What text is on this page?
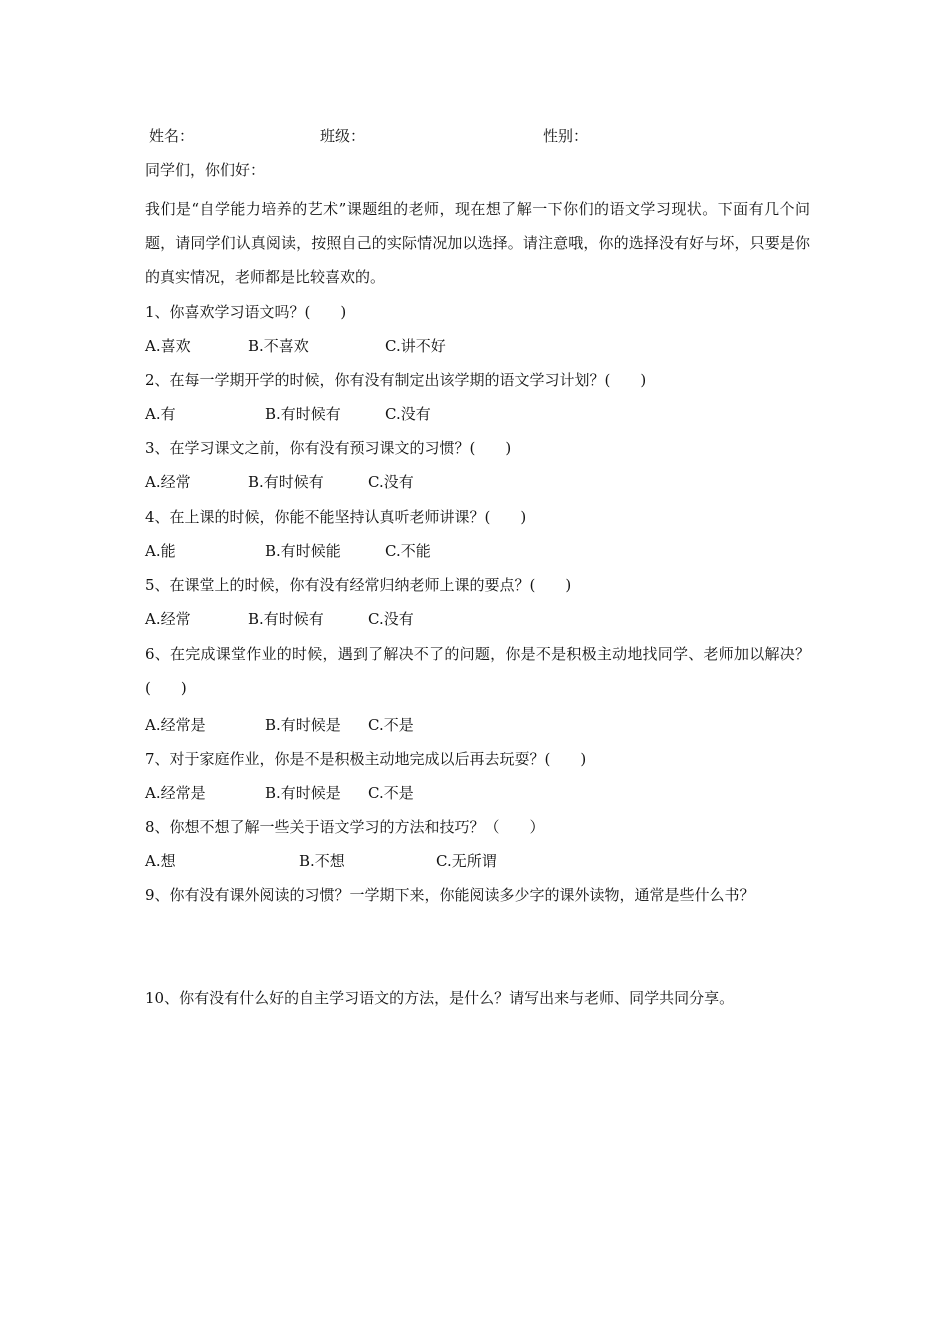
姓名：	班级：	性别：
同学们，你们好：
我们是“自学能力培养的艺术”课题组的老师，现在想了解一下你们的语文学习现状。下面有几个问题，请同学们认真阅读，按照自己的实际情况加以选择。请注意哦，你的选择没有好与坏，只要是你的真实情况，老师都是比较喜欢的。
1、你喜欢学习语文吗？(　　)
A.喜欢	B.不喜欢	C.讲不好
2、在每一学期开学的时候，你有没有制定出该学期的语文学习计划？(　　)
A.有	B.有时候有	C.没有
3、在学习课文之前，你有没有预习课文的习惯？(　　)
A.经常	B.有时候有	C.没有
4、在上课的时候，你能不能坚持认真听老师讲课？(　　)
A.能	B.有时候能	C.不能
5、在课堂上的时候，你有没有经常归纳老师上课的要点？(　　)
A.经常	B.有时候有	C.没有
6、在完成课堂作业的时候，遇到了解决不了的问题，你是不是积极主动地找同学、老师加以解决？(　　)
A.经常是	B.有时候是 C.不是
7、对于家庭作业，你是不是积极主动地完成以后再去玩耍？(　　)
A.经常是	B.有时候是 C.不是
8、你想不想了解一些关于语文学习的方法和技巧？（　　）
A.想	B.不想	C.无所谓
9、你有没有课外阅读的习惯？一学期下来，你能阅读多少字的课外读物，通常是些什么书？
10、你有没有什么好的自主学习语文的方法，是什么？请写出来与老师、同学共同分享。
